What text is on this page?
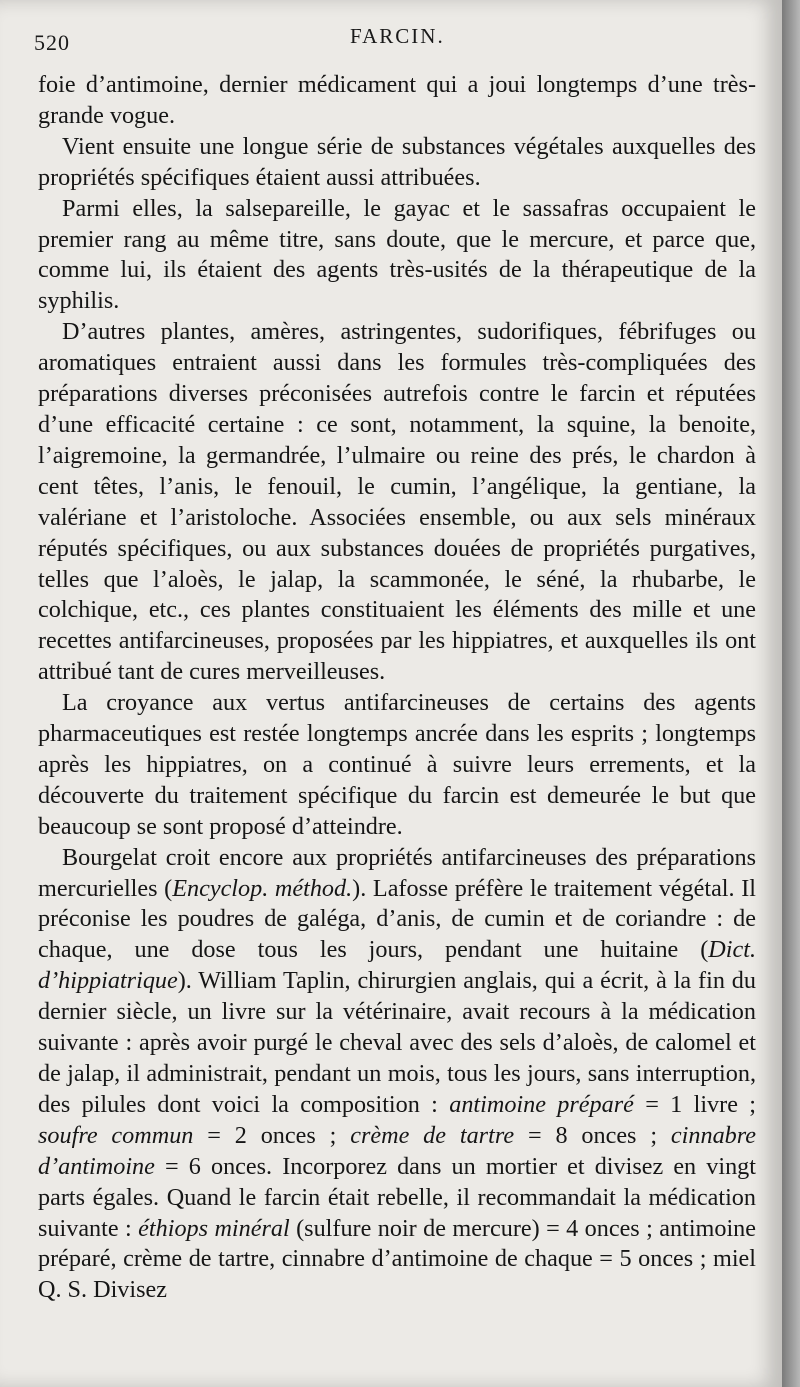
520	FARCIN.

foie d’antimoine, dernier médicament qui a joui longtemps d’une très-grande vogue.

Vient ensuite une longue série de substances végétales auxquelles des propriétés spécifiques étaient aussi attribuées.

Parmi elles, la salsepareille, le gayac et le sassafras occupaient le premier rang au même titre, sans doute, que le mercure, et parce que, comme lui, ils étaient des agents très-usités de la thérapeutique de la syphilis.

D’autres plantes, amères, astringentes, sudorifiques, fébrifuges ou aromatiques entraient aussi dans les formules très-compliquées des préparations diverses préconisées autrefois contre le farcin et réputées d’une efficacité certaine : ce sont, notamment, la squine, la benoite, l’aigremoine, la germandrée, l’ulmaire ou reine des prés, le chardon à cent têtes, l’anis, le fenouil, le cumin, l’angélique, la gentiane, la valériane et l’aristoloche. Associées ensemble, ou aux sels minéraux réputés spécifiques, ou aux substances douées de propriétés purgatives, telles que l’aloès, le jalap, la scammonée, le séné, la rhubarbe, le colchique, etc., ces plantes constituaient les éléments des mille et une recettes antifarcineuses, proposées par les hippiatres, et auxquelles ils ont attribué tant de cures merveilleuses.

La croyance aux vertus antifarcineuses de certains des agents pharmaceutiques est restée longtemps ancrée dans les esprits ; longtemps après les hippiatres, on a continué à suivre leurs errements, et la découverte du traitement spécifique du farcin est demeurée le but que beaucoup se sont proposé d’atteindre.

Bourgelat croit encore aux propriétés antifarcineuses des préparations mercurielles (Encyclop. méthod.). Lafosse préfère le traitement végétal. Il préconise les poudres de galéga, d’anis, de cumin et de coriandre : de chaque, une dose tous les jours, pendant une huitaine (Dict. d’hippiatrique). William Taplin, chirurgien anglais, qui a écrit, à la fin du dernier siècle, un livre sur la vétérinaire, avait recours à la médication suivante : après avoir purgé le cheval avec des sels d’aloès, de calomel et de jalap, il administrait, pendant un mois, tous les jours, sans interruption, des pilules dont voici la composition : antimoine préparé = 1 livre ; soufre commun = 2 onces ; crème de tartre = 8 onces ; cinnabre d’antimoine = 6 onces. Incorporez dans un mortier et divisez en vingt parts égales. Quand le farcin était rebelle, il recommandait la médication suivante : éthiops minéral (sulfure noir de mercure) = 4 onces ; antimoine préparé, crème de tartre, cinnabre d’antimoine de chaque = 5 onces ; miel Q. S. Divisez
